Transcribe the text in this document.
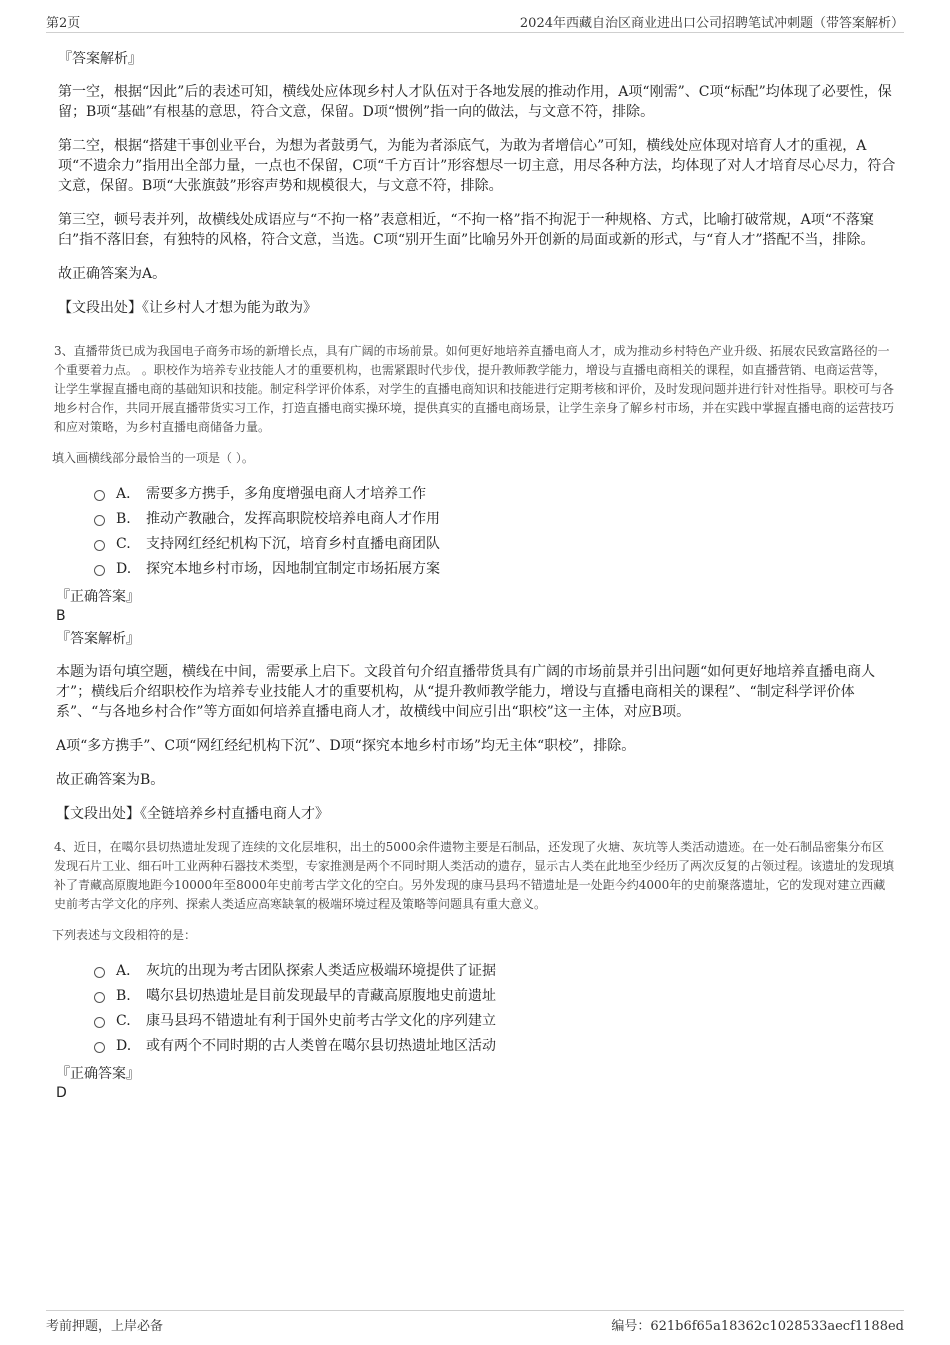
第2页	2024年西藏自治区商业进出口公司招聘笔试冲刺题（带答案解析）
『答案解析』

第一空，根据“因此”后的表述可知，横线处应体现乡村人才队伍对于各地发展的推动作用，A项“刚需”、C项“标配”均体现了必要性，保留；B项“基础”有根基的意思，符合文意，保留。D项“惯例”指一向的做法，与文意不符，排除。

第二空，根据“搭建干事创业平台，为想为者鼓勇气，为能为者添底气，为敢为者增信心”可知，横线处应体现对培育人才的重视，A项“不遗余力”指用出全部力量，一点也不保留，C项“千方百计”形容想尽一切主意，用尽各种方法，均体现了对人才培育尽心尽力，符合文意，保留。B项“大张旗鼓”形容声势和规模很大，与文意不符，排除。

第三空，顿号表并列，故横线处成语应与“不拘一格”表意相近，“不拘一格”指不拘泥于一种规格、方式，比喻打破常规，A项“不落窠臼”指不落旧套，有独特的风格，符合文意，当选。C项“别开生面”比喻另外开创新的局面或新的形式，与“育人才”搭配不当，排除。

故正确答案为A。

【文段出处】《让乡村人才想为能为敢为》

3、直播带货已成为我国电子商务市场的新增长点，具有广阔的市场前景。如何更好地培养直播电商人才，成为推动乡村特色产业升级、拓展农民致富路径的一个重要着力点。 。职校作为培养专业技能人才的重要机构，也需紧跟时代步伐，提升教师教学能力，增设与直播电商相关的课程，如直播营销、电商运营等，让学生掌握直播电商的基础知识和技能。制定科学评价体系，对学生的直播电商知识和技能进行定期考核和评价，及时发现问题并进行针对性指导。职校可与各地乡村合作，共同开展直播带货实习工作，打造直播电商实操环境，提供真实的直播电商场景，让学生亲身了解乡村市场，并在实践中掌握直播电商的运营技巧和应对策略，为乡村直播电商储备力量。

填入画横线部分最恰当的一项是（ ）。

A． 需要多方携手，多角度增强电商人才培养工作
B. 推动产教融合，发挥高职院校培养电商人才作用
C. 支持网红经纪机构下沉，培育乡村直播电商团队
D. 探究本地乡村市场，因地制宜制定市场拓展方案
『正确答案』
B
『答案解析』

本题为语句填空题，横线在中间，需要承上启下。文段首句介绍直播带货具有广阔的市场前景并引出问题“如何更好地培养直播电商人才”；横线后介绍职校作为培养专业技能人才的重要机构，从“提升教师教学能力，增设与直播电商相关的课程”、“制定科学评价体系”、“与各地乡村合作”等方面如何培养直播电商人才，故横线中间应引出“职校”这一主体，对应B项。

A项“多方携手”、C项“网红经纪机构下沉”、D项“探究本地乡村市场”均无主体“职校”，排除。

故正确答案为B。

【文段出处】《全链培养乡村直播电商人才》

4、近日，在噶尔县切热遗址发现了连续的文化层堆积，出土的5000余件遗物主要是石制品，还发现了火塘、灰坑等人类活动遗迹。在一处石制品密集分布区发现石片工业、细石叶工业两种石器技术类型，专家推测是两个不同时期人类活动的遗存，显示古人类在此地至少经历了两次反复的占领过程。该遗址的发现填补了青藏高原腹地距今10000年至8000年史前考古学文化的空白。另外发现的康马县玛不错遗址是一处距今约4000年的史前聚落遗址，它的发现对建立西藏史前考古学文化的序列、探索人类适应高寒缺氧的极端环境过程及策略等问题具有重大意义。

下列表述与文段相符的是：

A． 灰坑的出现为考古团队探索人类适应极端环境提供了证据
B. 噶尔县切热遗址是目前发现最早的青藏高原腹地史前遗址
C. 康马县玛不错遗址有利于国外史前考古学文化的序列建立
D. 或有两个不同时期的古人类曾在噶尔县切热遗址地区活动
『正确答案』
D
考前押题，上岸必备	编号：621b6f65a18362c1028533aecf1188ed
